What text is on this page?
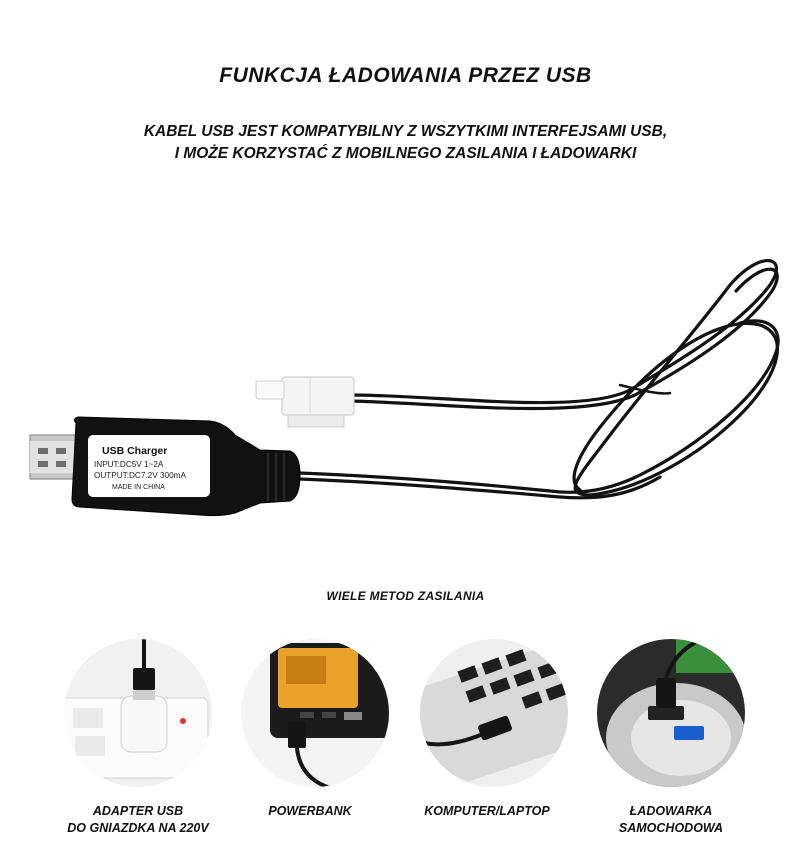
FUNKCJA ŁADOWANIA PRZEZ USB
KABEL USB JEST KOMPATYBILNY Z WSZYTKIMI INTERFEJSAMI USB,
I MOŻE KORZYSTAĆ Z MOBILNEGO ZASILANIA I ŁADOWARKI
USB Charger
INPUT:DC5V 1~2A
OUTPUT:DC7.2V 300mA
MADE IN CHINA
WIELE METOD ZASILANIA
ADAPTER USB
DO GNIAZDKA NA 220V
POWERBANK	KOMPUTER/LAPTOP	ŁADOWARKA
SAMOCHODOWA
